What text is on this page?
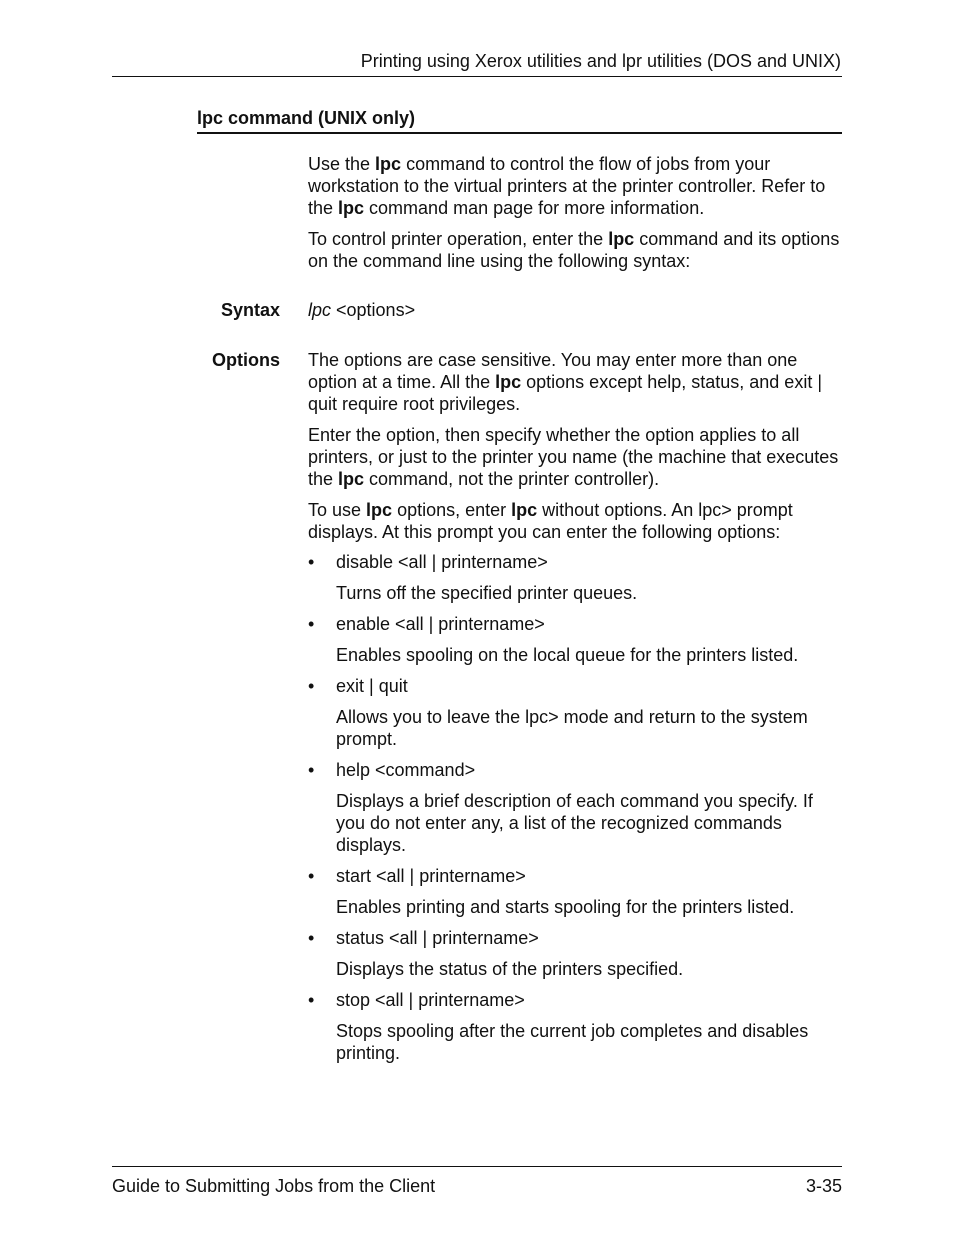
Printing using Xerox utilities and lpr utilities (DOS and UNIX)
lpc command (UNIX only)

Use the lpc command to control the flow of jobs from your workstation to the virtual printers at the printer controller. Refer to the lpc command man page for more information.

To control printer operation, enter the lpc command and its options on the command line using the following syntax:

Syntax lpc <options>
Options The options are case sensitive. You may enter more than one option at a time. All the lpc options except help, status, and exit | quit require root privileges.

Enter the option, then specify whether the option applies to all printers, or just to the printer you name (the machine that executes the lpc command, not the printer controller).

To use lpc options, enter lpc without options. An lpc> prompt displays. At this prompt you can enter the following options:

• disable <all | printername>
Turns off the specified printer queues.
• enable <all | printername>
Enables spooling on the local queue for the printers listed.
• exit | quit
Allows you to leave the lpc> mode and return to the system prompt.
• help <command>
Displays a brief description of each command you specify. If you do not enter any, a list of the recognized commands displays.
• start <all | printername>
Enables printing and starts spooling for the printers listed.
• status <all | printername>
Displays the status of the printers specified.
• stop <all | printername>
Stops spooling after the current job completes and disables printing.
Guide to Submitting Jobs from the Client	3-35
